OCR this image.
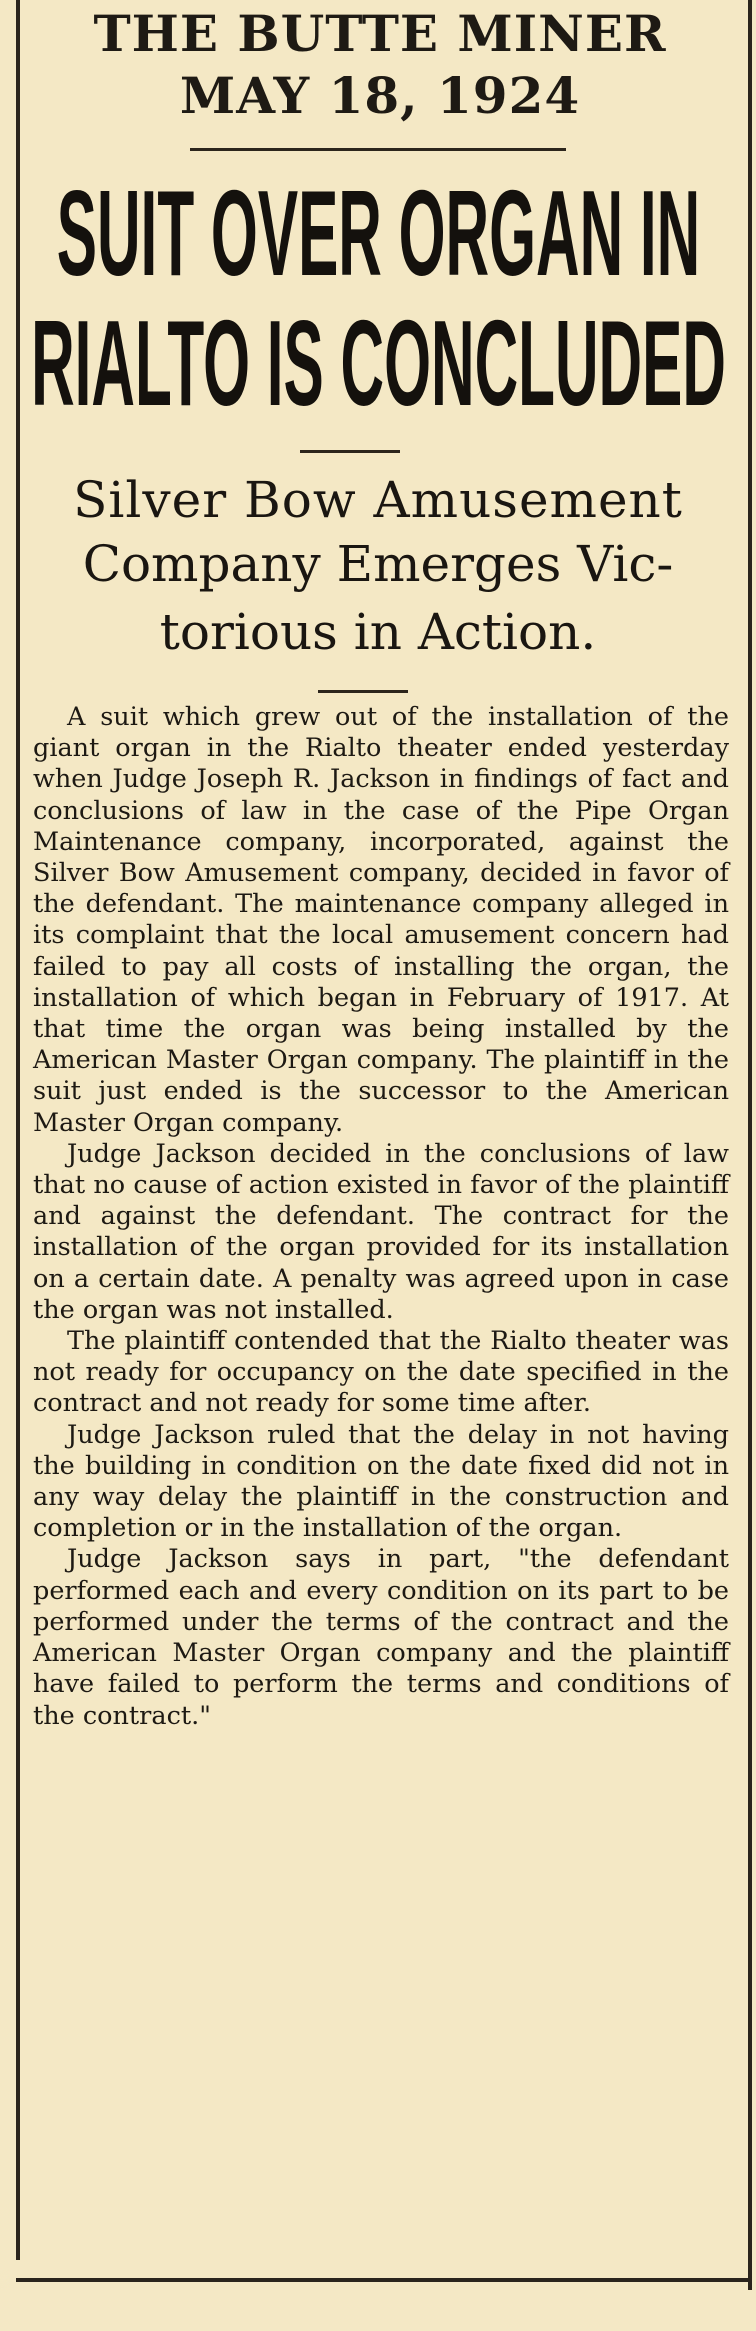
THE BUTTE MINER
MAY 18, 1924
SUIT OVER ORGAN IN
RIALTO IS CONCLUDED
Silver Bow Amusement
Company Emerges Vic-
torious in Action.

A suit which grew out of the installation of the giant organ in the Rialto theater ended yesterday when Judge Joseph R. Jackson in findings of fact and conclusions of law in the case of the Pipe Organ Maintenance company, incorporated, against the Silver Bow Amusement company, decided in favor of the defendant. The maintenance company alleged in its complaint that the local amusement concern had failed to pay all costs of installing the organ, the installation of which began in February of 1917. At that time the organ was being installed by the American Master Organ company. The plaintiff in the suit just ended is the successor to the American Master Organ company.

Judge Jackson decided in the conclusions of law that no cause of action existed in favor of the plaintiff and against the defendant. The contract for the installation of the organ provided for its installation on a certain date. A penalty was agreed upon in case the organ was not installed.

The plaintiff contended that the Rialto theater was not ready for occupancy on the date specified in the contract and not ready for some time after.

Judge Jackson ruled that the delay in not having the building in condition on the date fixed did not in any way delay the plaintiff in the construction and completion or in the installation of the organ.

Judge Jackson says in part, "the defendant performed each and every condition on its part to be performed under the terms of the contract and the American Master Organ company and the plaintiff have failed to perform the terms and conditions of the contract."
